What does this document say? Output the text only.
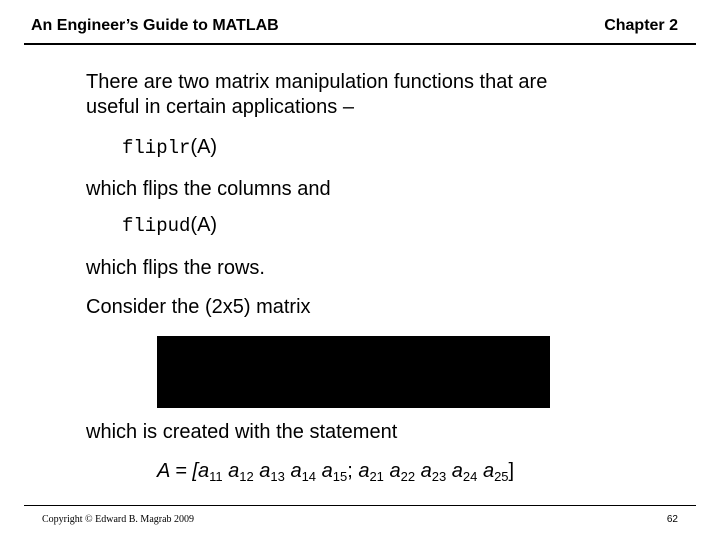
An Engineer’s Guide to MATLAB	Chapter 2
There are two matrix manipulation functions that are
useful in certain applications –
fliplr(A)
which flips the columns and
flipud(A)
which flips the rows.
Consider the (2x5) matrix
which is created with the statement
$A = [a_{11}$ $a_{12}$ $a_{13}$ $a_{14}$ $a_{15}$; $a_{21}$ $a_{22}$ $a_{23}$ $a_{24}$ $a_{25}$]
Copyright © Edward B. Magrab 2009	62
